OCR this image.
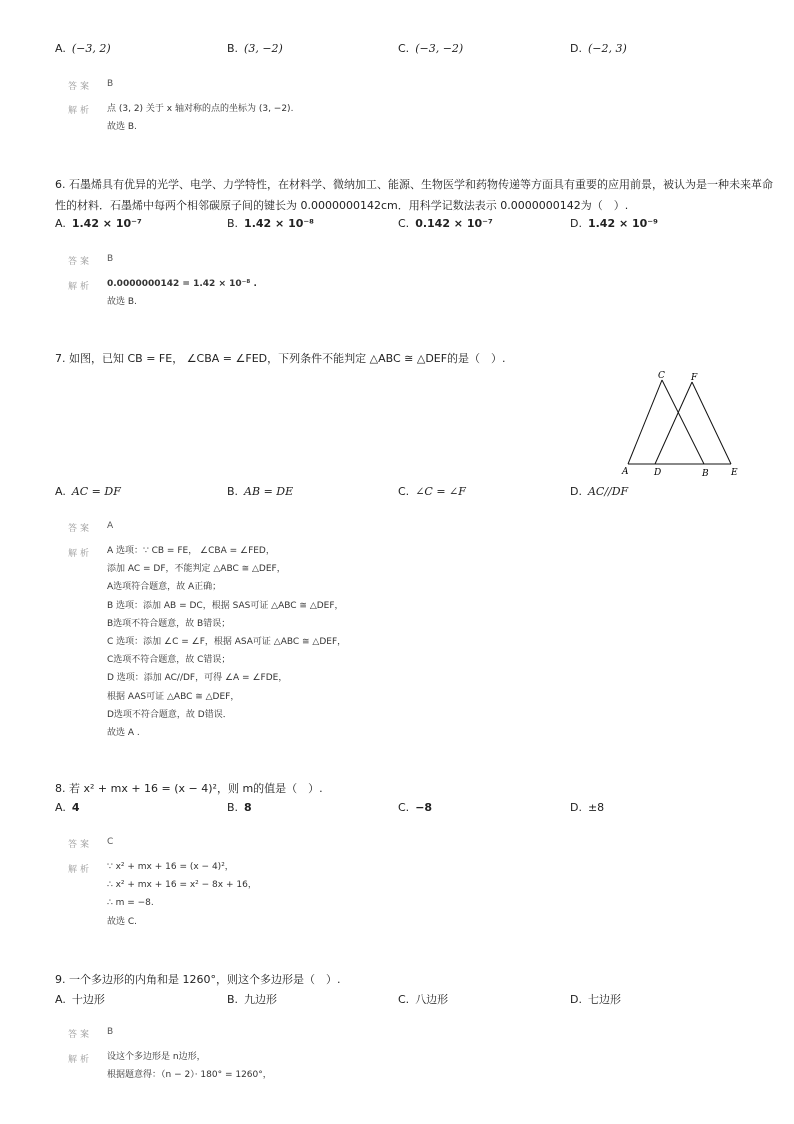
A. (−3, 2)	B. (3, −2)	C. (−3, −2)	D. (−2, 3)
答案 B
解析 点 (3, 2) 关于 x 轴对称的点的坐标为 (3, −2).
故选 B.
6. 石墨烯具有优异的光学、电学、力学特性，在材料学、微纳加工、能源、生物医学和药物传递等方面具有重要的应用前景，被认为是一种未来革命
性的材料．石墨烯中每两个相邻碳原子间的键长为 0.0000000142cm．用科学记数法表示 0.0000000142为（　）.
A. 1.42 × 10⁻⁷	B. 1.42 × 10⁻⁸	C. 0.142 × 10⁻⁷	D. 1.42 × 10⁻⁹
答案 B
解析 0.0000000142 = 1.42 × 10⁻⁸ .
故选 B.
7. 如图，已知 CB = FE， ∠CBA = ∠FED，下列条件不能判定 △ABC ≅ △DEF的是（　）.
C	F
A	D	B E
A. AC = DF	B. AB = DE	C. ∠C = ∠F	D. AC//DF
答案 A
解析 A 选项：∵ CB = FE， ∠CBA = ∠FED，
添加 AC = DF，不能判定 △ABC ≅ △DEF，
A选项符合题意，故 A正确；
B 选项：添加 AB = DC，根据 SAS可证 △ABC ≅ △DEF，
B选项不符合题意，故 B错误；
C 选项：添加 ∠C = ∠F，根据 ASA可证 △ABC ≅ △DEF，
C选项不符合题意，故 C错误；
D 选项：添加 AC//DF，可得 ∠A = ∠FDE，
根据 AAS可证 △ABC ≅ △DEF，
D选项不符合题意，故 D错误．
故选 A .
8. 若 x² + mx + 16 = (x − 4)²，则 m的值是（　）.
A. 4	B. 8	C. −8	D. ±8
答案 C
解析 ∵ x² + mx + 16 = (x − 4)²，
∴ x² + mx + 16 = x² − 8x + 16，
∴ m = −8.
故选 C.
9. 一个多边形的内角和是 1260°，则这个多边形是（　）.
A. 十边形	B. 九边形	C. 八边形	D. 七边形
答案 B
解析 设这个多边形是 n边形，
根据题意得：（n − 2）· 180° = 1260°，
